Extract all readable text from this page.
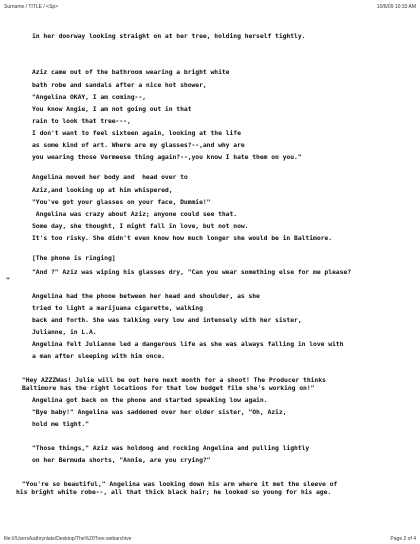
Surname / TITLE / <Sp>	10/6/09 10:33 AM
in her doorway looking straight on at her tree, holding herself tightly.
Aziz came out of the bathroom wearing a bright white
bath robe and sandals after a nice hot shower,
"Angelina OKAY, I am coming--,
You know Angie, I am not going out in that
rain to look that tree---,
I don't want to feel sixteen again, looking at the life
as some kind of art. Where are my glasses?--,and why are
you wearing those Vermeese thing again?--,you know I hate them on you."
Angelina moved her body and  head over to
Aziz,and looking up at him whispered,
"You've got your glasses on your face, Dummie!"
Angelina was crazy about Aziz; anyone could see that.
Some day, she thought, I might fall in love, but not now.
It's too risky. She didn't even know how much longer she would be in Baltimore.
[The phone is ringing]
"And ?" Aziz was wiping his glasses dry, "Can you wear something else for me please?
"
Angelina had the phone between her head and shoulder, as she
tried to light a marijuana cigarette, walking
back and forth. She was talking very low and intensely with her sister,
Julianne, in L.A.
Angelina felt Julianne led a dangerous life as she was always falling in love with
a man after sleeping with him once.
"Hey AZZZWas! Julie will be out here next month for a shoot! The Producer thinks
Baltimore has the right locations for that low budget film she's working on!"
Angelina got back on the phone and started speaking low again.
"Bye baby!" Angelina was saddened over her older sister, "Oh, Aziz,
hold me tight."
"Those things," Aziz was holdong and rocking Angelina and pulling lightly
on her Bermuda shorts, "Annie, are you crying?"
"You're so beautiful," Angelina was looking down his arm where it met the sleeve of
his bright white robe--, all that thick black hair; he looked so young for his age.
file:///Users/kathrynlate/Desktop/The%20Tree.webarchive	Page 2 of 4
